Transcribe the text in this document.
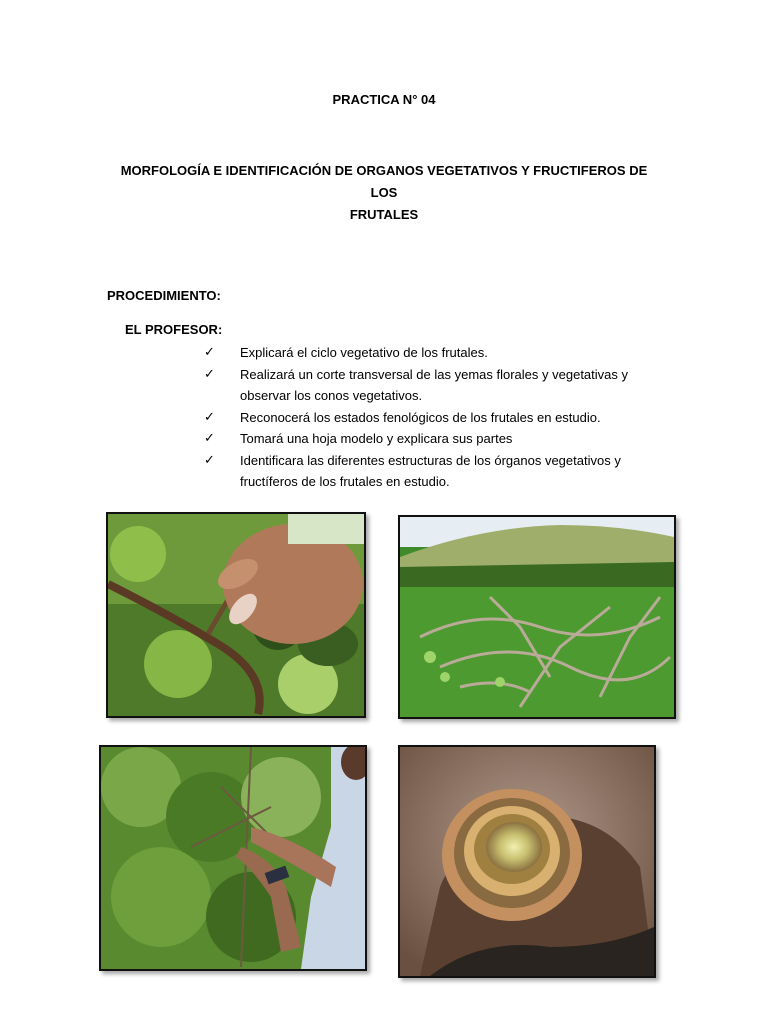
PRACTICA N° 04
MORFOLOGÍA E IDENTIFICACIÓN DE ORGANOS VEGETATIVOS Y FRUCTIFEROS DE LOS
FRUTALES
PROCEDIMIENTO:
EL PROFESOR:
✓ Explicará el ciclo vegetativo de los frutales.
✓ Realizará un corte transversal de las yemas florales y vegetativas y observar los conos vegetativos.
✓ Reconocerá los estados fenológicos de los frutales en estudio.
✓ Tomará una hoja modelo y explicara sus partes
✓ Identificara las diferentes estructuras de los órganos vegetativos y fructíferos de los frutales en estudio.
